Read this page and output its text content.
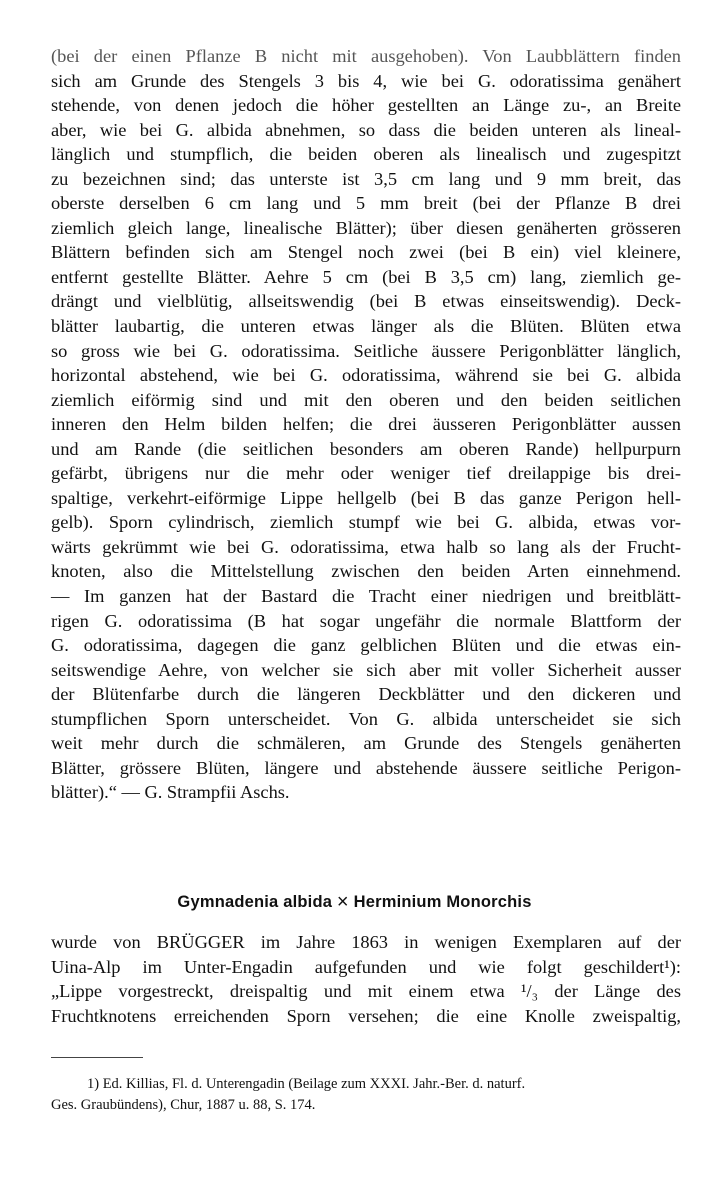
(bei der einen Pflanze B nicht mit ausgehoben). Von Laubblättern finden
sich am Grunde des Stengels 3 bis 4, wie bei G. odoratissima genähert
stehende, von denen jedoch die höher gestellten an Länge zu-, an Breite
aber, wie bei G. albida abnehmen, so dass die beiden unteren als lineal-
länglich und stumpflich, die beiden oberen als linealisch und zugespitzt
zu bezeichnen sind; das unterste ist 3,5 cm lang und 9 mm breit, das
oberste derselben 6 cm lang und 5 mm breit (bei der Pflanze B drei
ziemlich gleich lange, linealische Blätter); über diesen genäherten grösseren
Blättern befinden sich am Stengel noch zwei (bei B ein) viel kleinere,
entfernt gestellte Blätter. Aehre 5 cm (bei B 3,5 cm) lang, ziemlich ge-
drängt und vielblütig, allseitswendig (bei B etwas einseitswendig). Deck-
blätter laubartig, die unteren etwas länger als die Blüten. Blüten etwa
so gross wie bei G. odoratissima. Seitliche äussere Perigonblätter länglich,
horizontal abstehend, wie bei G. odoratissima, während sie bei G. albida
ziemlich eiförmig sind und mit den oberen und den beiden seitlichen
inneren den Helm bilden helfen; die drei äusseren Perigonblätter aussen
und am Rande (die seitlichen besonders am oberen Rande) hellpurpurn
gefärbt, übrigens nur die mehr oder weniger tief dreilappige bis drei-
spaltige, verkehrt-eiförmige Lippe hellgelb (bei B das ganze Perigon hell-
gelb). Sporn cylindrisch, ziemlich stumpf wie bei G. albida, etwas vor-
wärts gekrümmt wie bei G. odoratissima, etwa halb so lang als der Frucht-
knoten, also die Mittelstellung zwischen den beiden Arten einnehmend.
— Im ganzen hat der Bastard die Tracht einer niedrigen und breitblätt-
rigen G. odoratissima (B hat sogar ungefähr die normale Blattform der
G. odoratissima, dagegen die ganz gelblichen Blüten und die etwas ein-
seitswendige Aehre, von welcher sie sich aber mit voller Sicherheit ausser
der Blütenfarbe durch die längeren Deckblätter und den dickeren und
stumpflichen Sporn unterscheidet. Von G. albida unterscheidet sie sich
weit mehr durch die schmäleren, am Grunde des Stengels genäherten
Blätter, grössere Blüten, längere und abstehende äussere seitliche Perigon-
blätter).“ — G. Strampfii Aschs.
Gymnadenia albida × Herminium Monorchis
wurde von BRÜGGER im Jahre 1863 in wenigen Exemplaren auf der
Uina-Alp im Unter-Engadin aufgefunden und wie folgt geschildert¹):
„Lippe vorgestreckt, dreispaltig und mit einem etwa ¹/₃ der Länge des
Fruchtknotens erreichenden Sporn versehen; die eine Knolle zweispaltig,
1) Ed. Killias, Fl. d. Unterengadin (Beilage zum XXXI. Jahr.-Ber. d. naturf.
Ges. Graubündens), Chur, 1887 u. 88, S. 174.
